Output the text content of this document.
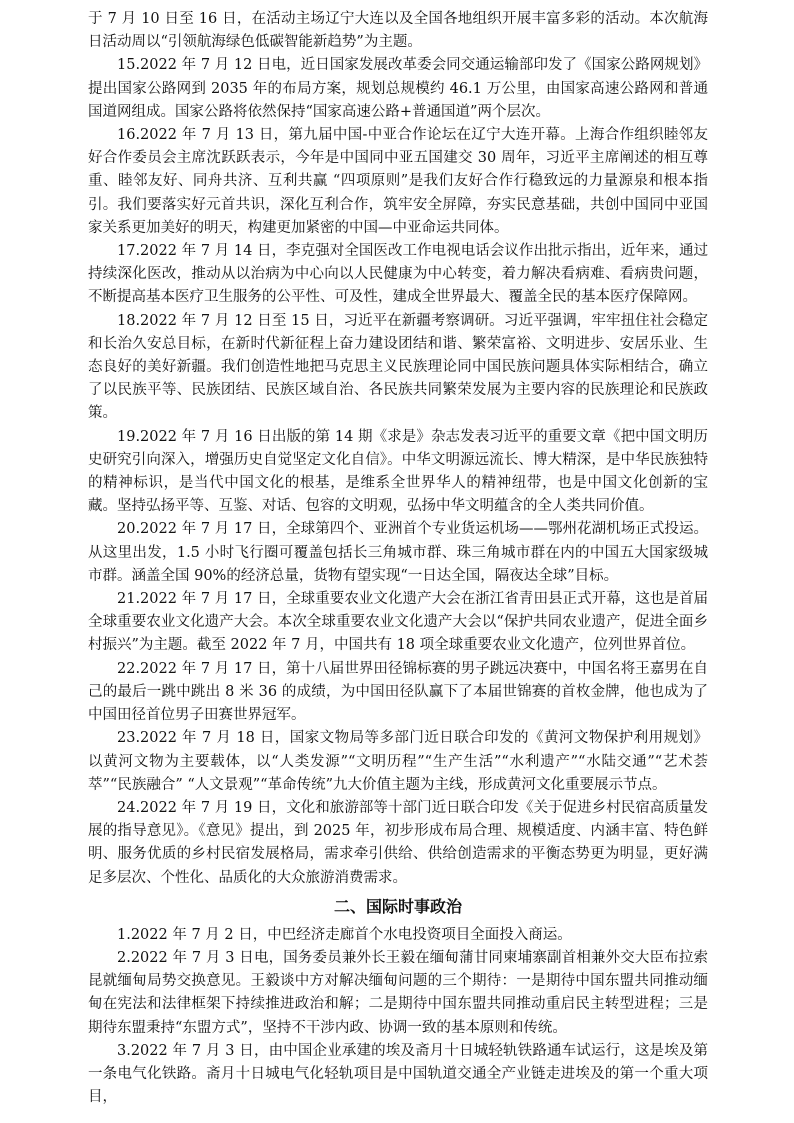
于 7 月 10 日至 16 日，在活动主场辽宁大连以及全国各地组织开展丰富多彩的活动。本次航海日活动周以“引领航海绿色低碳智能新趋势”为主题。

15.2022 年 7 月 12 日电，近日国家发展改革委会同交通运输部印发了《国家公路网规划》提出国家公路网到 2035 年的布局方案，规划总规模约 46.1 万公里，由国家高速公路网和普通国道网组成。国家公路将依然保持“国家高速公路+普通国道”两个层次。

16.2022 年 7 月 13 日，第九届中国-中亚合作论坛在辽宁大连开幕。上海合作组织睦邻友好合作委员会主席沈跃跃表示，今年是中国同中亚五国建交 30 周年，习近平主席阐述的相互尊重、睦邻友好、同舟共济、互利共赢 “四项原则”是我们友好合作行稳致远的力量源泉和根本指引。我们要落实好元首共识，深化互利合作，筑牢安全屏障，夯实民意基础，共创中国同中亚国家关系更加美好的明天，构建更加紧密的中国—中亚命运共同体。

17.2022 年 7 月 14 日，李克强对全国医改工作电视电话会议作出批示指出，近年来，通过持续深化医改，推动从以治病为中心向以人民健康为中心转变，着力解决看病难、看病贵问题，不断提高基本医疗卫生服务的公平性、可及性，建成全世界最大、覆盖全民的基本医疗保障网。

18.2022 年 7 月 12 日至 15 日，习近平在新疆考察调研。习近平强调，牢牢扭住社会稳定和长治久安总目标，在新时代新征程上奋力建设团结和谐、繁荣富裕、文明进步、安居乐业、生态良好的美好新疆。我们创造性地把马克思主义民族理论同中国民族问题具体实际相结合，确立了以民族平等、民族团结、民族区域自治、各民族共同繁荣发展为主要内容的民族理论和民族政策。

19.2022 年 7 月 16 日出版的第 14 期《求是》杂志发表习近平的重要文章《把中国文明历史研究引向深入，增强历史自觉坚定文化自信》。中华文明源远流长、博大精深，是中华民族独特的精神标识，是当代中国文化的根基，是维系全世界华人的精神纽带，也是中国文化创新的宝藏。坚持弘扬平等、互鉴、对话、包容的文明观，弘扬中华文明蕴含的全人类共同价值。

20.2022 年 7 月 17 日，全球第四个、亚洲首个专业货运机场——鄂州花湖机场正式投运。从这里出发，1.5 小时飞行圈可覆盖包括长三角城市群、珠三角城市群在内的中国五大国家级城市群。涵盖全国 90%的经济总量，货物有望实现“一日达全国，隔夜达全球”目标。

21.2022 年 7 月 17 日，全球重要农业文化遗产大会在浙江省青田县正式开幕，这也是首届全球重要农业文化遗产大会。本次全球重要农业文化遗产大会以“保护共同农业遗产，促进全面乡村振兴”为主题。截至 2022 年 7 月，中国共有 18 项全球重要农业文化遗产，位列世界首位。

22.2022 年 7 月 17 日，第十八届世界田径锦标赛的男子跳远决赛中，中国名将王嘉男在自己的最后一跳中跳出 8 米 36 的成绩，为中国田径队赢下了本届世锦赛的首枚金牌，他也成为了中国田径首位男子田赛世界冠军。

23.2022 年 7 月 18 日，国家文物局等多部门近日联合印发的《黄河文物保护利用规划》 以黄河文物为主要载体，以“人类发源”“文明历程”“生产生活”“水利遗产”“水陆交通”“艺术荟萃”“民族融合” “人文景观”“革命传统”九大价值主题为主线，形成黄河文化重要展示节点。

24.2022 年 7 月 19 日，文化和旅游部等十部门近日联合印发《关于促进乡村民宿高质量发展的指导意见》。《意见》提出，到 2025 年，初步形成布局合理、规模适度、内涵丰富、特色鲜明、服务优质的乡村民宿发展格局，需求牵引供给、供给创造需求的平衡态势更为明显，更好满足多层次、个性化、品质化的大众旅游消费需求。

二、国际时事政治

1.2022 年 7 月 2 日，中巴经济走廊首个水电投资项目全面投入商运。

2.2022 年 7 月 3 日电，国务委员兼外长王毅在缅甸蒲甘同柬埔寨副首相兼外交大臣布拉索昆就缅甸局势交换意见。王毅谈中方对解决缅甸问题的三个期待：一是期待中国东盟共同推动缅甸在宪法和法律框架下持续推进政治和解；二是期待中国东盟共同推动重启民主转型进程；三是期待东盟秉持“东盟方式”，坚持不干涉内政、协调一致的基本原则和传统。

3.2022 年 7 月 3 日，由中国企业承建的埃及斋月十日城轻轨铁路通车试运行，这是埃及第一条电气化铁路。斋月十日城电气化轻轨项目是中国轨道交通全产业链走进埃及的第一个重大项目，
